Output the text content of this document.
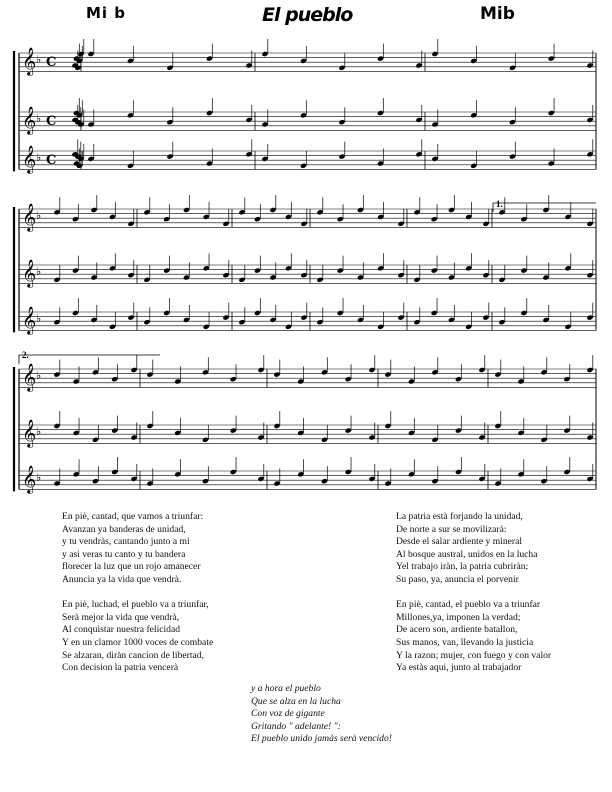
Mi b	El pueblo	Mib
𝄞 ♭ C
𝄞 ♭ C
𝄞 ♭ C
𝄞 ♭
𝄞 ♭
𝄞 ♭
𝄞 ♭
𝄞 ♭
𝄞 ♭
1.
2.
En piè, cantad, que vamos a triunfar:
Avanzan ya banderas de unidad,
y tu vendràs, cantando junto a mi
y asi veras tu canto y tu bandera
florecer la luz que un rojo amanecer
Anuncia ya la vida que vendrà.
En piè, luchad, el pueblo va a triunfar,
Serà mejor la vida que vendrà,
Al conquistar nuestra felicidad
Y en un clamor 1000 voces de combate
Se alzaran, diràn cancion de libertad,
Con decision la patria vencerà
La patria està forjando la unidad,
De norte a sur se movilizarà:
Desde el salar ardiente y mineral
Al bosque austral, unidos en la lucha
Yel trabajo iràn, la patria cubriràn;
Su paso, ya, anuncia el porvenir
En piè, cantad, el pueblo va a triunfar
Millones,ya, imponen la verdad;
De acero son, ardiente batallon,
Sus manos, van, llevando la justicia
Y la razon; mujer, con fuego y con valor
Ya estàs aqui, junto al trabajador
y a hora el pueblo
Que se alza en la lucha
Con voz de gigante
Gritando " adelante! ":
El pueblo unido jamàs serà vencido!
